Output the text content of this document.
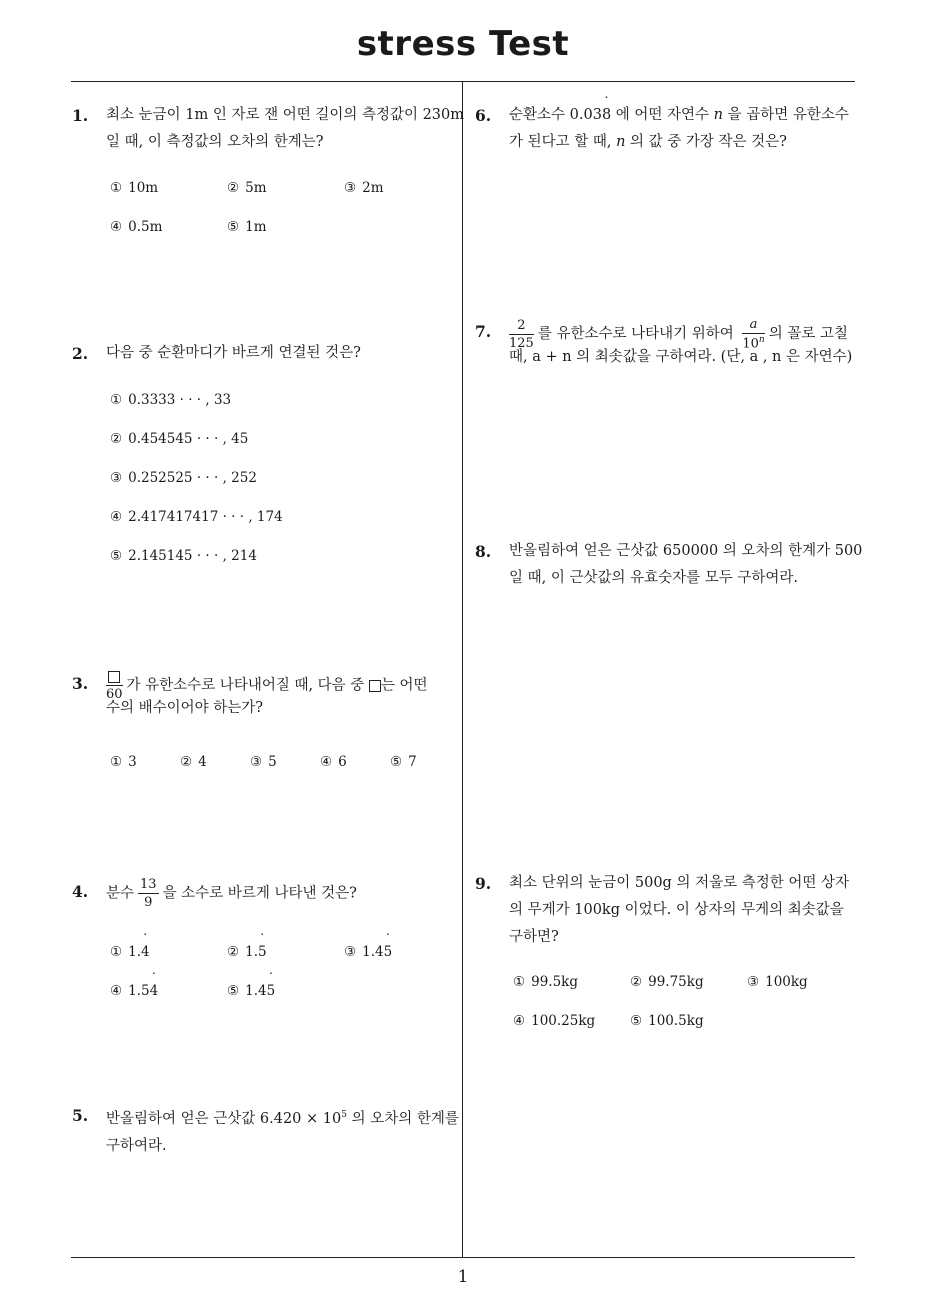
stress Test
1
1. 최소 눈금이 1m 인 자로 잰 어떤 길이의 측정값이 230m
일 때, 이 측정값의 오차의 한계는?
① 10m	② 5m	③ 2m
④ 0.5m	⑤ 1m
2. 다음 중 순환마디가 바르게 연결된 것은?
① 0.3333 · · · , 33
② 0.454545 · · · , 45
③ 0.252525 · · · , 252
④ 2.417417417 · · · , 174
⑤ 2.145145 · · · , 214
3.
60
가 유한소수로 나타내어질 때, 다음 중 는 어떤
수의 배수이어야 하는가?
① 3	② 4	③ 5	④ 6	⑤ 7
4. 분수 $\frac{13}{9}$ 을 소수로 바르게 나타낸 것은?
① 1.4 ˙	② 1.5 ˙	③ 1.45 ˙
④ 1.54 ˙	⑤ 1.45 ˙
5. 반올림하여 얻은 근삿값 $6.420 \times 10^5$ 의 오차의 한계를
구하여라.
6. 순환소수 0.038 ˙ 에 어떤 자연수 n 을 곱하면 유한소수
가 된다고 할 때, n 의 값 중 가장 작은 것은?
7. $\frac{2}{125}$ 를 유한소수로 나타내기 위하여 $\frac{a}{10^n}$ 의 꼴로 고칠
때, a + n 의 최솟값을 구하여라. (단, a , n 은 자연수)
8. 반올림하여 얻은 근삿값 650000 의 오차의 한계가 500
일 때, 이 근삿값의 유효숫자를 모두 구하여라.
9. 최소 단위의 눈금이 500g 의 저울로 측정한 어떤 상자
의 무게가 100kg 이었다. 이 상자의 무게의 최솟값을
구하면?
① 99.5kg	② 99.75kg	③ 100kg
④ 100.25kg	⑤ 100.5kg
